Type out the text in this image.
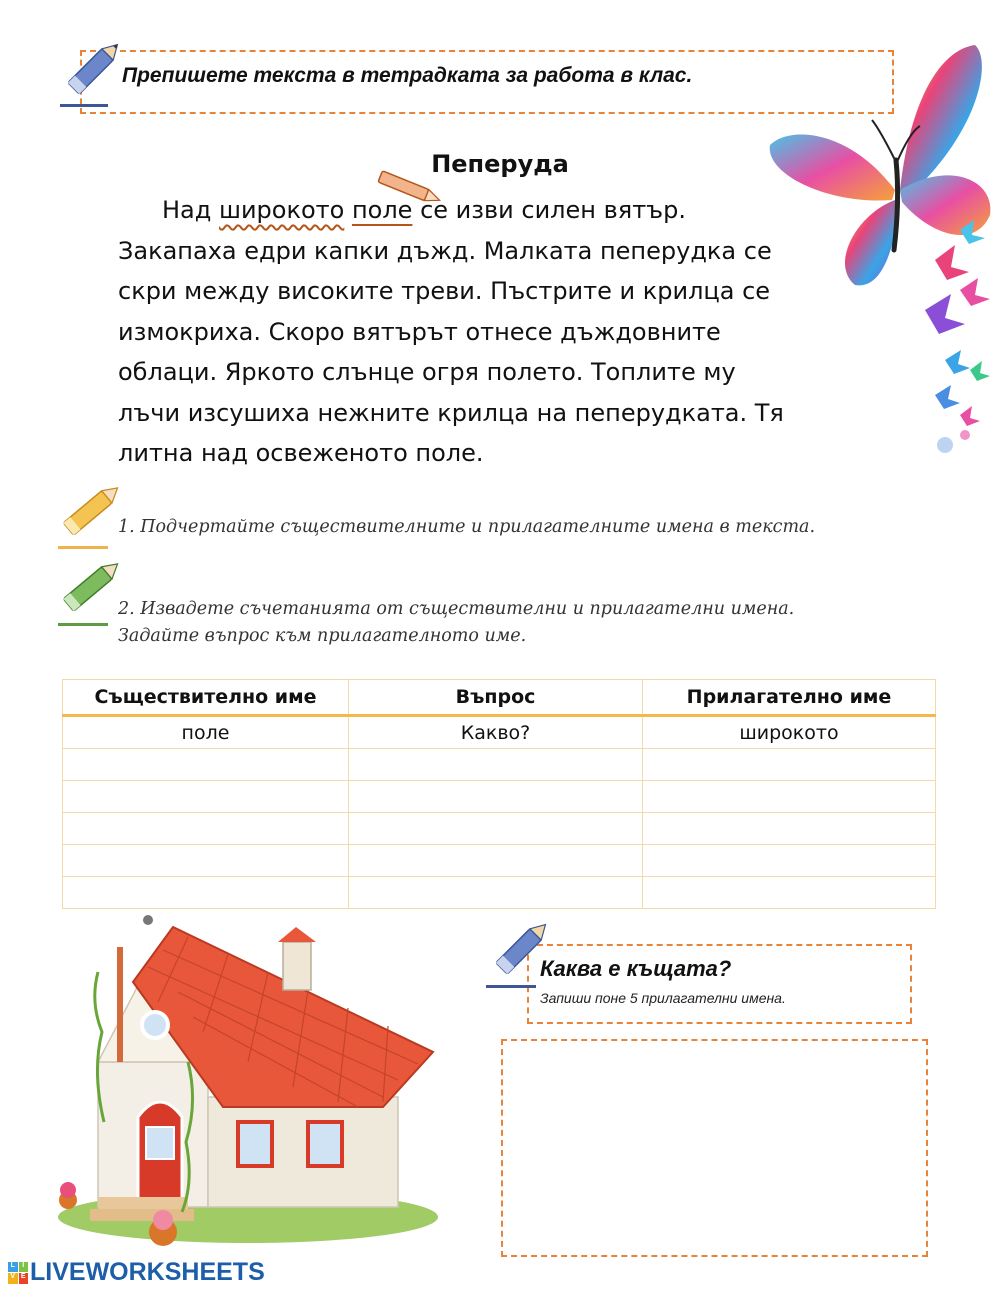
Препишете текста в тетрадката за работа в клас.
Пеперуда
Над широкото поле се изви силен вятър.
Закапаха едри капки дъжд. Малката пеперудка се
скри между високите треви. Пъстрите и крилца се
измокриха. Скоро вятърът отнесе дъждовните
облаци. Яркото слънце огря полето. Топлите му
лъчи изсушиха нежните крилца на пеперудката. Тя
литна над освеженото поле.
1. Подчертайте съществителните и прилагателните имена в текста.
2. Извадете съчетанията от съществителни и прилагателни имена.
Задайте въпрос към прилагателното име.
Съществително име	Въпрос	Прилагателно име
поле	Какво?	широкото

Каква е къщата?
Запиши поне 5 прилагателни имена.
L	I
V E LIVEWORKSHEETS
